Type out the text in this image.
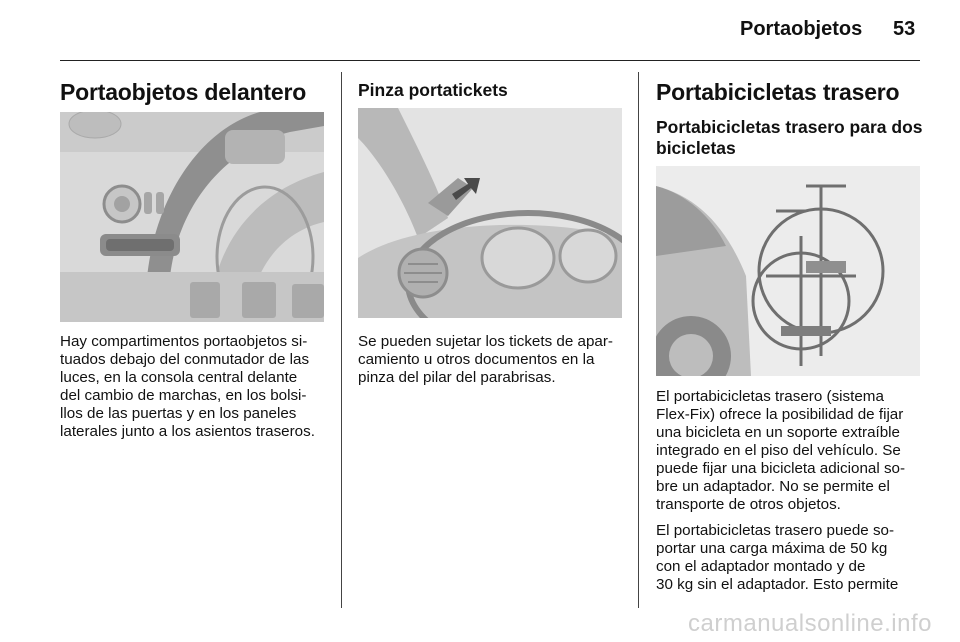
Portaobjetos 53
Portaobjetos delantero

Hay compartimentos portaobjetos si-

tuados debajo del conmutador de las

luces, en la consola central delante

del cambio de marchas, en los bolsi-

llos de las puertas y en los paneles

laterales junto a los asientos traseros.

Pinza portatickets

Se pueden sujetar los tickets de apar-

camiento u otros documentos en la

pinza del pilar del parabrisas.

Portabicicletas trasero
Portabicicletas trasero para dos
bicicletas

El portabicicletas trasero (sistema

Flex-Fix) ofrece la posibilidad de fijar

una bicicleta en un soporte extraíble

integrado en el piso del vehículo. Se

puede fijar una bicicleta adicional so-

bre un adaptador. No se permite el

transporte de otros objetos.

El portabicicletas trasero puede so-

portar una carga máxima de 50 kg

con el adaptador montado y de

30 kg sin el adaptador. Esto permite

carmanualsonline.info
